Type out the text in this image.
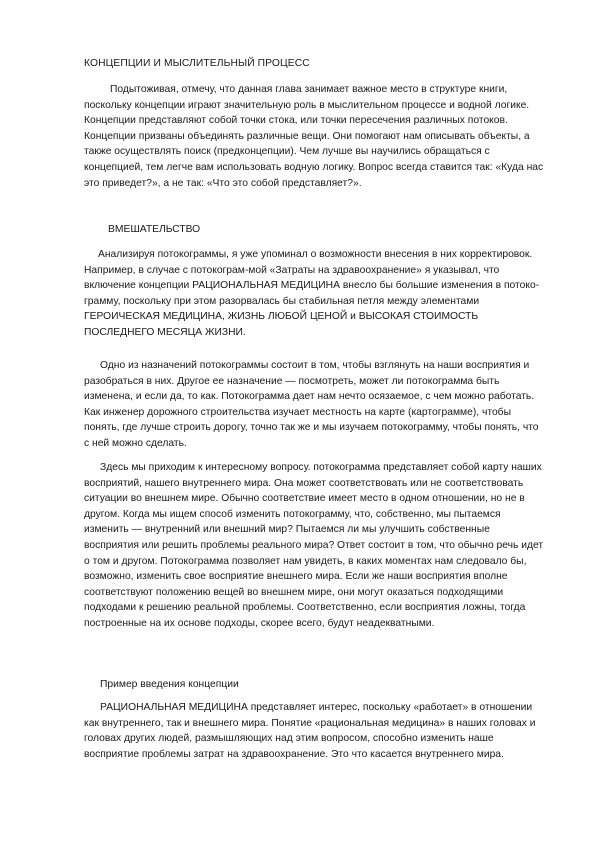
КОНЦЕПЦИИ И МЫСЛИТЕЛЬНЫЙ ПРОЦЕСС

Подытоживая, отмечу, что данная глава занимает важное место в структуре книги, поскольку концепции играют значительную роль в мыслительном процессе и водной логике. Концепции представляют собой точки стока, или точки пересечения различных потоков. Концепции призваны объединять различные вещи. Они помогают нам описывать объекты, а также осуществлять поиск (предконцепции). Чем лучше вы научились обращаться с концепцией, тем легче вам использовать водную логику. Вопрос всегда ставится так: «Куда нас это приведет?», а не так: «Что это собой представляет?».

ВМЕШАТЕЛЬСТВО

Анализируя потокограммы, я уже упоминал о возможности внесения в них корректировок. Например, в случае с потокограм-мой «Затраты на здравоохранение» я указывал, что включение концепции РАЦИОНАЛЬНАЯ МЕДИЦИНА внесло бы большие изменения в потоко-грамму, поскольку при этом разорвалась бы стабильная петля между элементами ГЕРОИЧЕСКАЯ МЕДИЦИНА, ЖИЗНЬ ЛЮБОЙ ЦЕНОЙ и ВЫСОКАЯ СТОИМОСТЬ ПОСЛЕДНЕГО МЕСЯЦА ЖИЗНИ.

Одно из назначений потокограммы состоит в том, чтобы взглянуть на наши восприятия и разобраться в них. Другое ее назначение — посмотреть, может ли потокограмма быть изменена, и если да, то как. Потокограмма дает нам нечто осязаемое, с чем можно работать. Как инженер дорожного строительства изучает местность на карте (картограмме), чтобы понять, где лучше строить дорогу, точно так же и мы изучаем потокограмму, чтобы понять, что с ней можно сделать.

Здесь мы приходим к интересному вопросу. потокограмма представляет собой карту наших восприятий, нашего внутреннего мира. Она может соответствовать или не соответствовать ситуации во внешнем мире. Обычно соответствие имеет место в одном отношении, но не в другом. Когда мы ищем способ изменить потокограмму, что, собственно, мы пытаемся изменить — внутренний или внешний мир? Пытаемся ли мы улучшить собственные восприятия или решить проблемы реального мира? Ответ состоит в том, что обычно речь идет о том и другом. Потокограмма позволяет нам увидеть, в каких моментах нам следовало бы, возможно, изменить свое восприятие внешнего мира. Если же наши восприятия вполне соответствуют положению вещей во внешнем мире, они могут оказаться подходящими подходами к решению реальной проблемы. Соответственно, если восприятия ложны, тогда построенные на их основе подходы, скорее всего, будут неадекватными.

Пример введения концепции

РАЦИОНАЛЬНАЯ МЕДИЦИНА представляет интерес, поскольку «работает» в отношении как внутреннего, так и внешнего мира. Понятие «рациональная медицина» в наших головах и головах других людей, размышляющих над этим вопросом, способно изменить наше восприятие проблемы затрат на здравоохранение. Это что касается внутреннего мира.
